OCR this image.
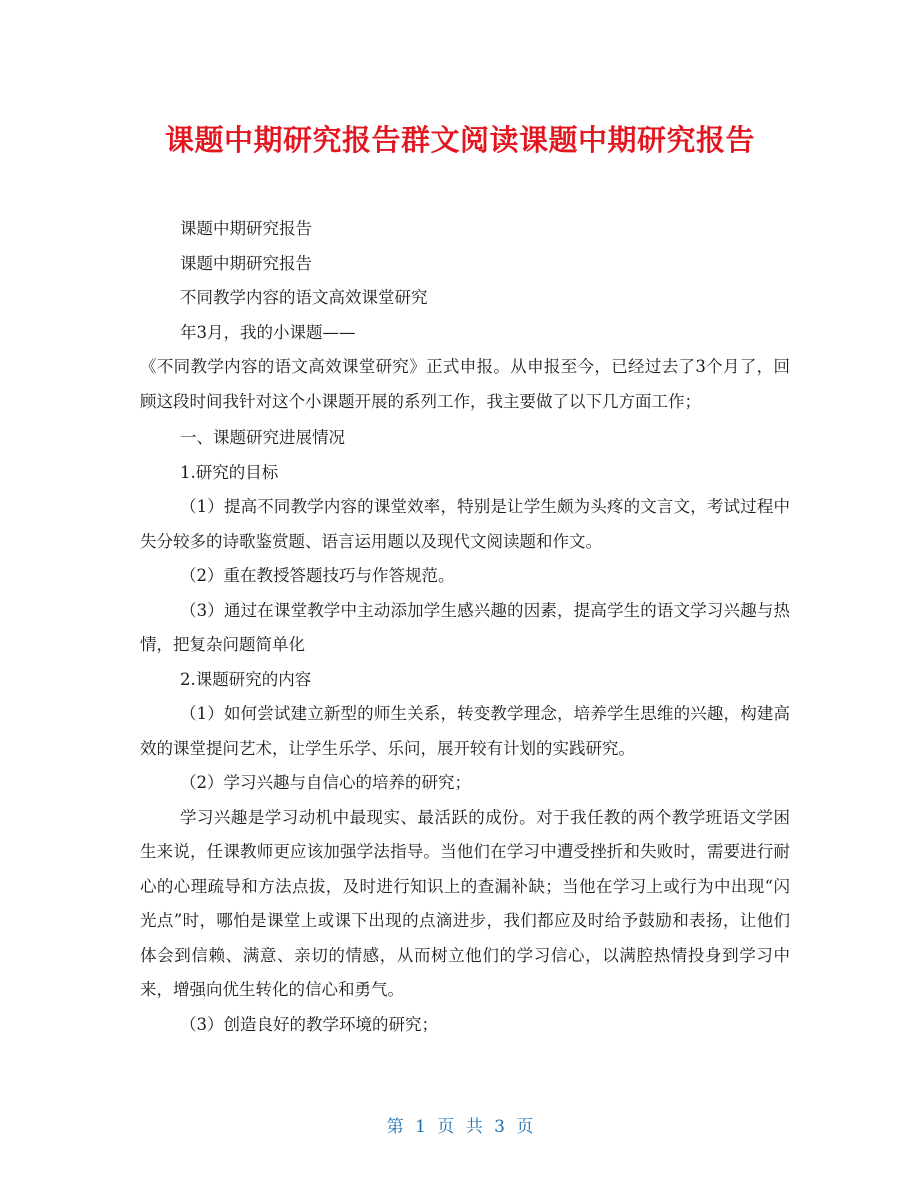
课题中期研究报告群文阅读课题中期研究报告

课题中期研究报告

课题中期研究报告

不同教学内容的语文高效课堂研究

年3月，我的小课题——

《不同教学内容的语文高效课堂研究》正式申报。从申报至今，已经过去了3个月了，回顾这段时间我针对这个小课题开展的系列工作，我主要做了以下几方面工作；

一、课题研究进展情况

1.研究的目标

（1）提高不同教学内容的课堂效率，特别是让学生颇为头疼的文言文，考试过程中失分较多的诗歌鉴赏题、语言运用题以及现代文阅读题和作文。

（2）重在教授答题技巧与作答规范。

（3）通过在课堂教学中主动添加学生感兴趣的因素，提高学生的语文学习兴趣与热情，把复杂问题简单化

2.课题研究的内容

（1）如何尝试建立新型的师生关系，转变教学理念，培养学生思维的兴趣，构建高效的课堂提问艺术，让学生乐学、乐问，展开较有计划的实践研究。

（2）学习兴趣与自信心的培养的研究；

学习兴趣是学习动机中最现实、最活跃的成份。对于我任教的两个教学班语文学困生来说，任课教师更应该加强学法指导。当他们在学习中遭受挫折和失败时，需要进行耐心的心理疏导和方法点拔，及时进行知识上的查漏补缺；当他在学习上或行为中出现“闪光点”时，哪怕是课堂上或课下出现的点滴进步，我们都应及时给予鼓励和表扬，让他们体会到信赖、满意、亲切的情感，从而树立他们的学习信心，以满腔热情投身到学习中来，增强向优生转化的信心和勇气。

（3）创造良好的教学环境的研究；

第 1 页 共 3 页
